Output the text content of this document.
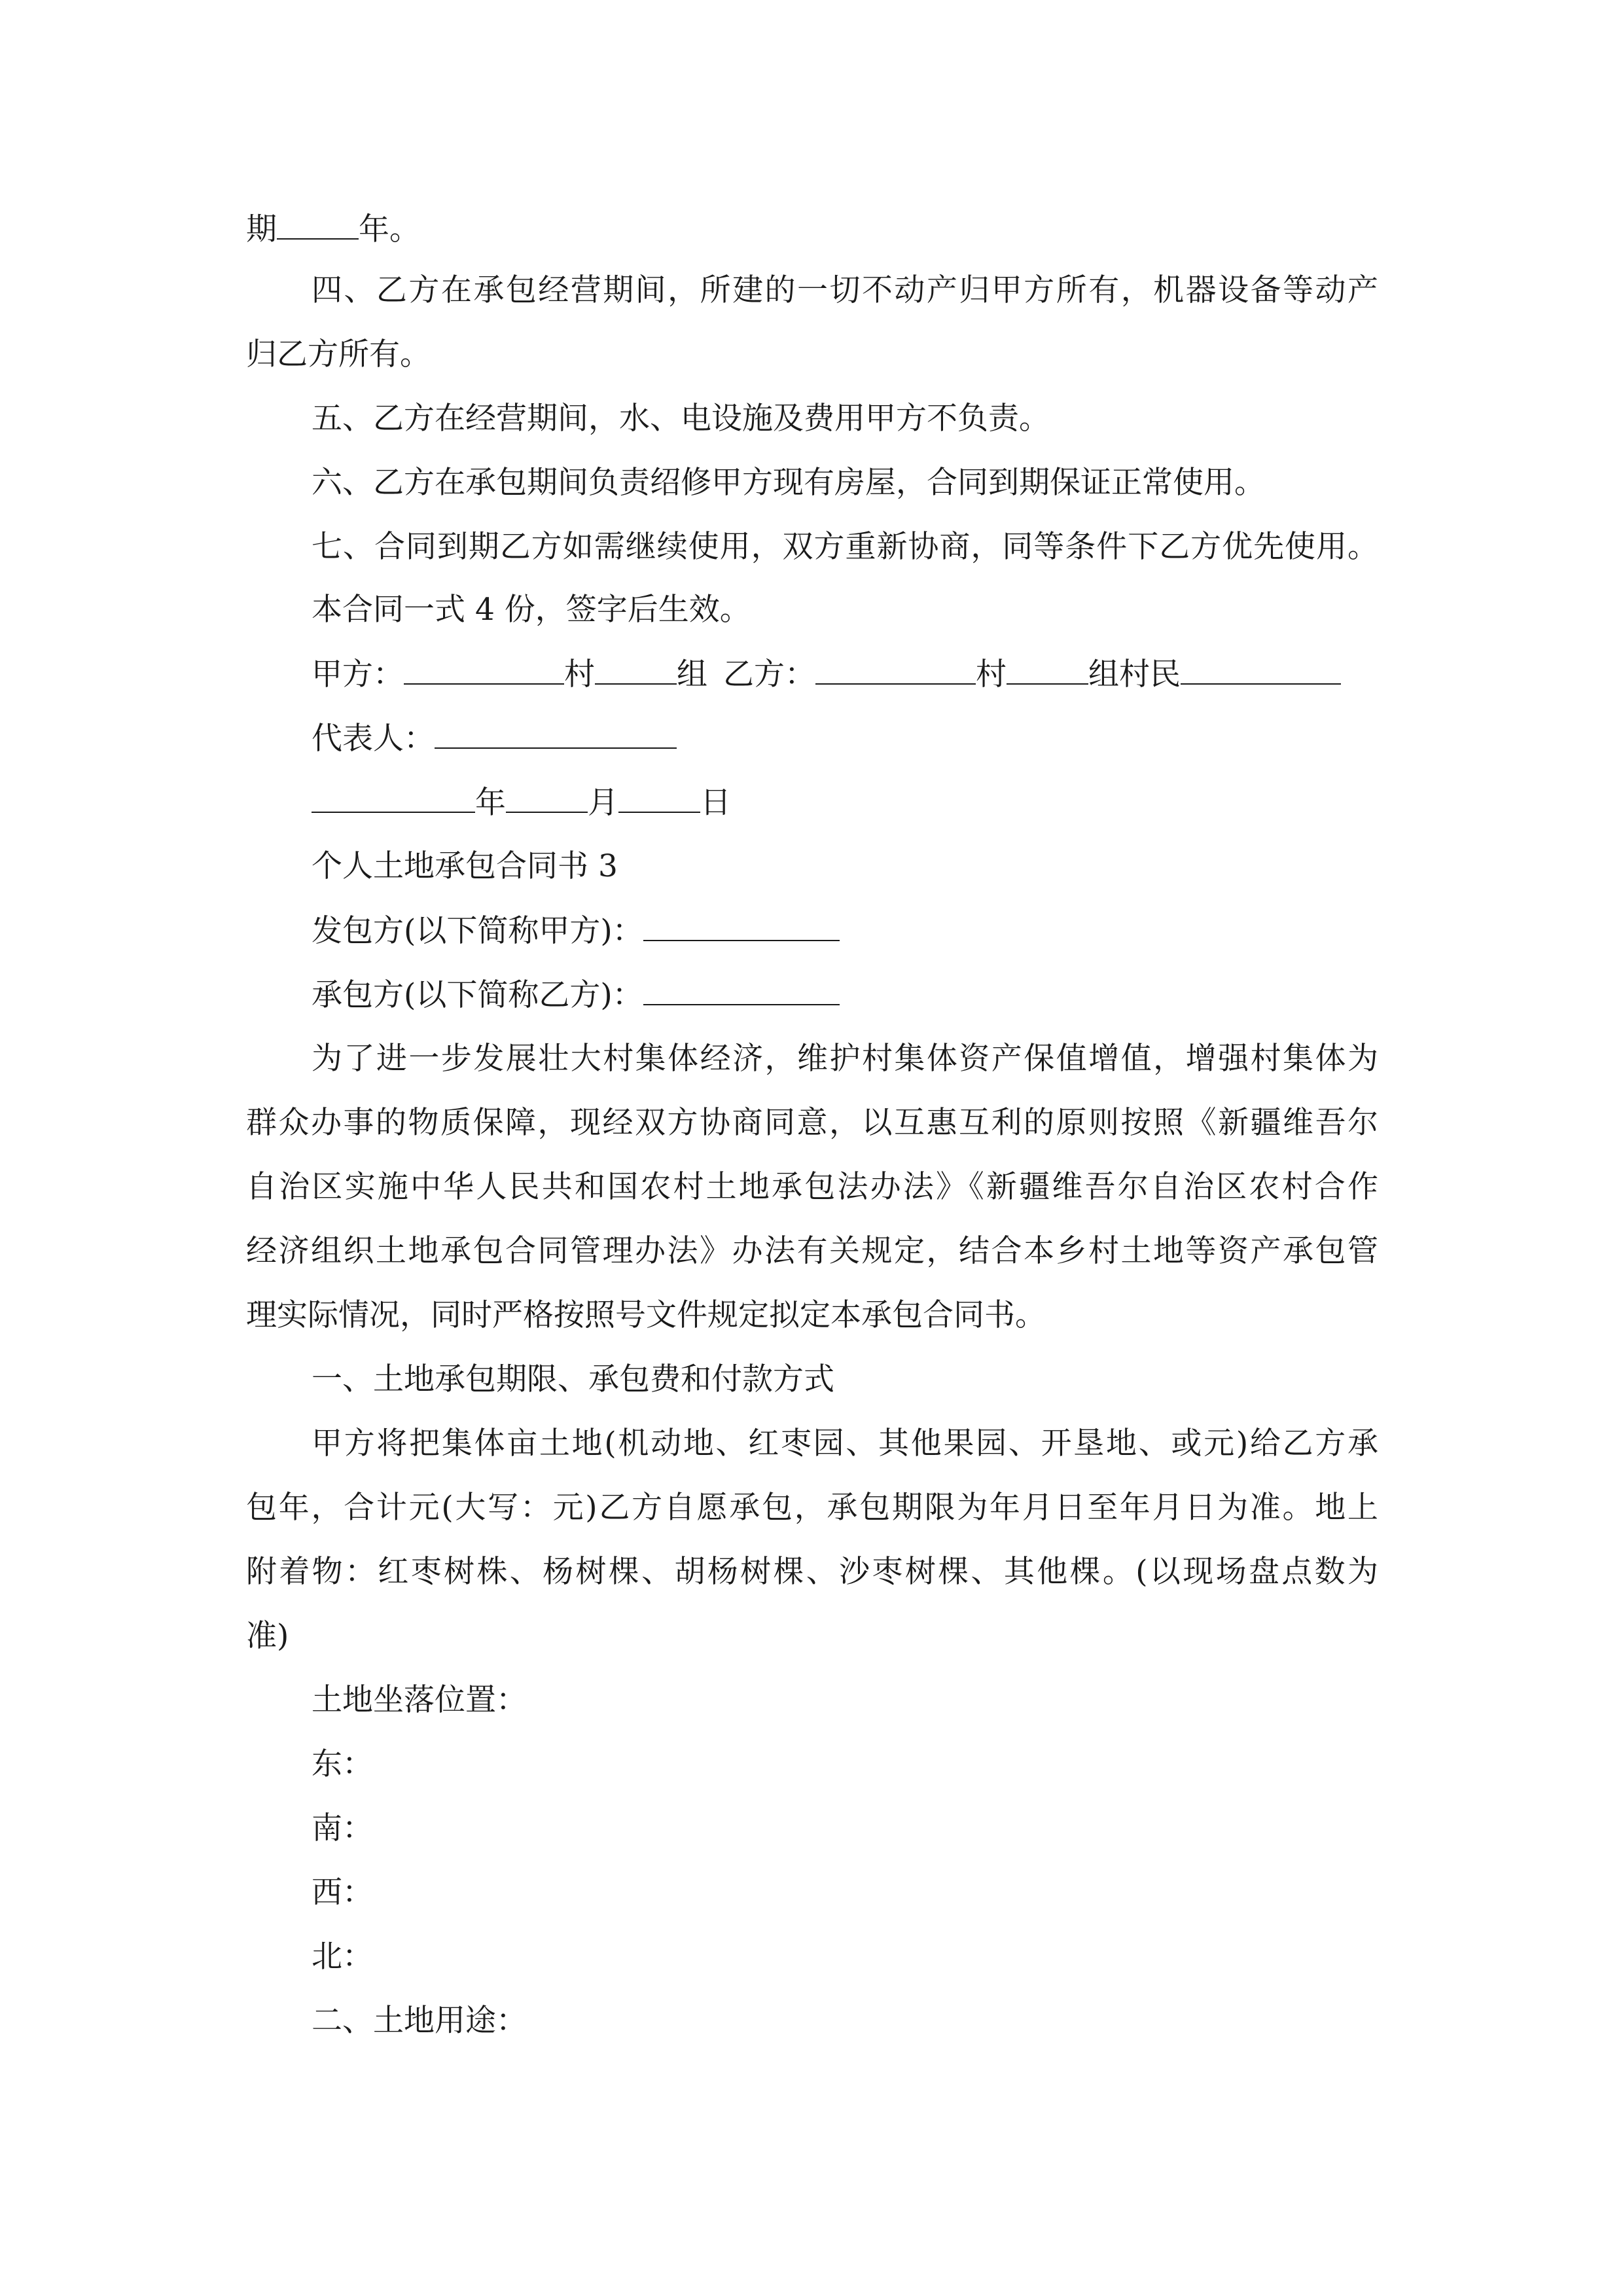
期	年。
四、乙方在承包经营期间，所建的一切不动产归甲方所有，机器设备等动产
归乙方所有。
五、乙方在经营期间，水、电设施及费用甲方不负责。
六、乙方在承包期间负责绍修甲方现有房屋，合同到期保证正常使用。
七、合同到期乙方如需继续使用，双方重新协商，同等条件下乙方优先使用。
本合同一式 4 份，签字后生效。
甲方：	村	组 乙方：	村	组村民
代表人：
年	月	日
个人土地承包合同书 3
发包方(以下简称甲方)：
承包方(以下简称乙方)：
为了进一步发展壮大村集体经济，维护村集体资产保值增值，增强村集体为
群众办事的物质保障，现经双方协商同意，以互惠互利的原则按照《新疆维吾尔
自治区实施中华人民共和国农村土地承包法办法》《新疆维吾尔自治区农村合作
经济组织土地承包合同管理办法》办法有关规定，结合本乡村土地等资产承包管
理实际情况，同时严格按照号文件规定拟定本承包合同书。
一、土地承包期限、承包费和付款方式
甲方将把集体亩土地(机动地、红枣园、其他果园、开垦地、或元)给乙方承
包年，合计元(大写：元)乙方自愿承包，承包期限为年月日至年月日为准。地上
附着物：红枣树株、杨树棵、胡杨树棵、沙枣树棵、其他棵。(以现场盘点数为
准)
土地坐落位置：
东：
南：
西：
北：
二、土地用途：
